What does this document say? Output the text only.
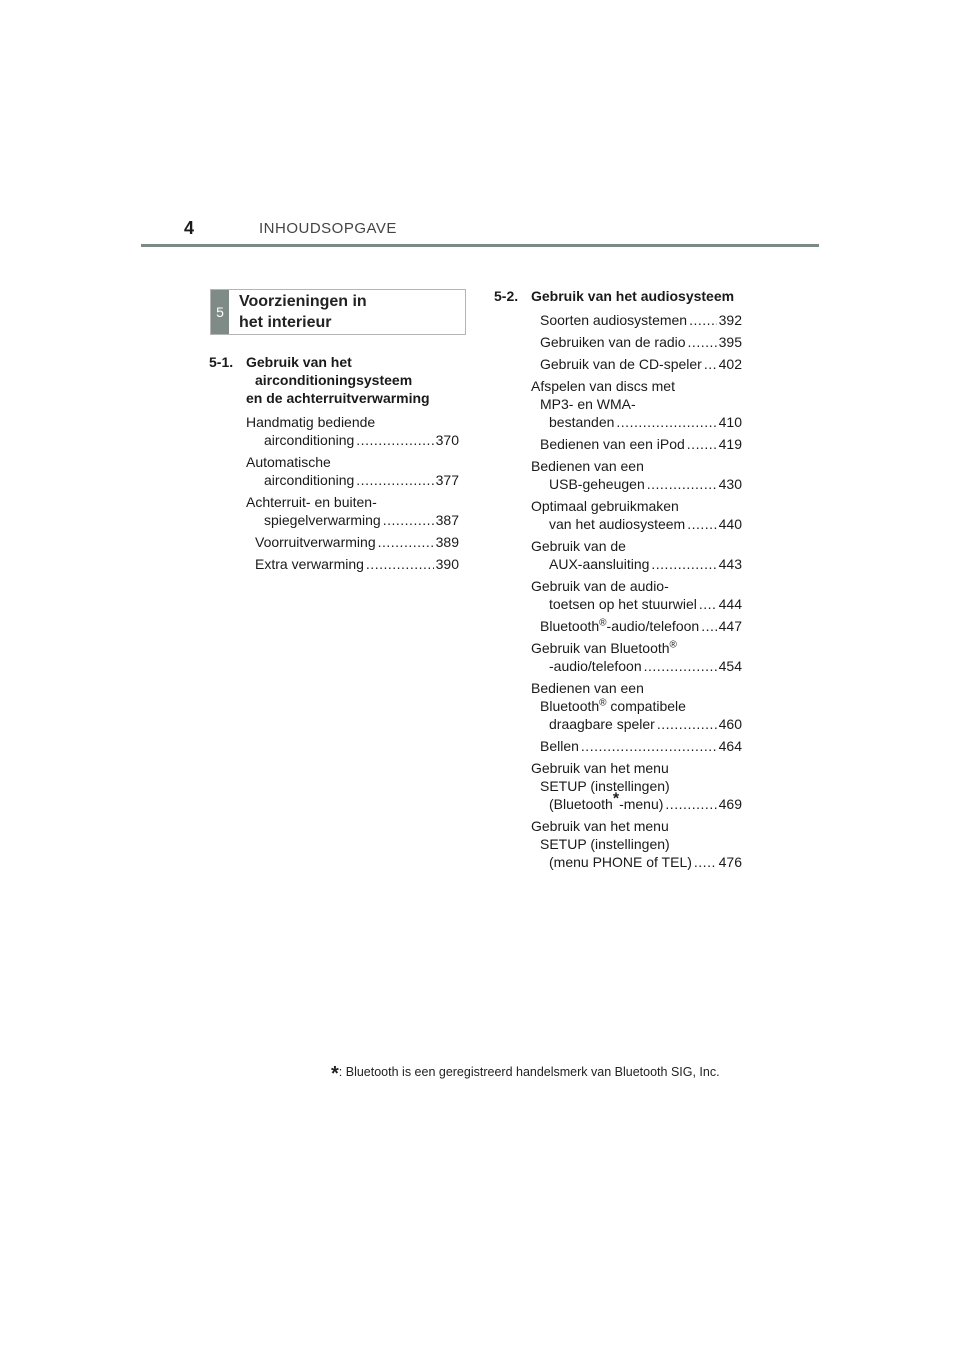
4	INHOUDSOPGAVE
5
Voorzieningen in
het interieur
5-1. Gebruik van het
airconditioningsysteem
en de achterruitverwarming
Handmatig bediende
airconditioning .....	370
Automatische
airconditioning .....	377
Achterruit- en buiten-
spiegelverwarming .....	387
Voorruitverwarming .....	389
Extra verwarming .....	390
5-2. Gebruik van het audiosysteem
Soorten audiosystemen ..... 392
Gebruiken van de radio ..... 395
Gebruik van de CD-speler ..... 402
Afspelen van discs met
MP3- en WMA-
bestanden .....	410
Bedienen van een iPod ..... 419
Bedienen van een
USB-geheugen .....	430
Optimaal gebruikmaken
van het audiosysteem ..... 440
Gebruik van de
AUX-aansluiting .....	443
Gebruik van de audio-
toetsen op het stuurwiel ..... 444
Bluetooth®-audio/telefoon ..... 447
Gebruik van Bluetooth®
-audio/telefoon .....	454
Bedienen van een
Bluetooth® compatibele
draagbare speler .....	460
Bellen .....	464
Gebruik van het menu
SETUP (instellingen)
(Bluetooth*-menu) .....	469
Gebruik van het menu
SETUP (instellingen)
(menu PHONE of TEL) ..... 476
*: Bluetooth is een geregistreerd handelsmerk van Bluetooth SIG, Inc.
